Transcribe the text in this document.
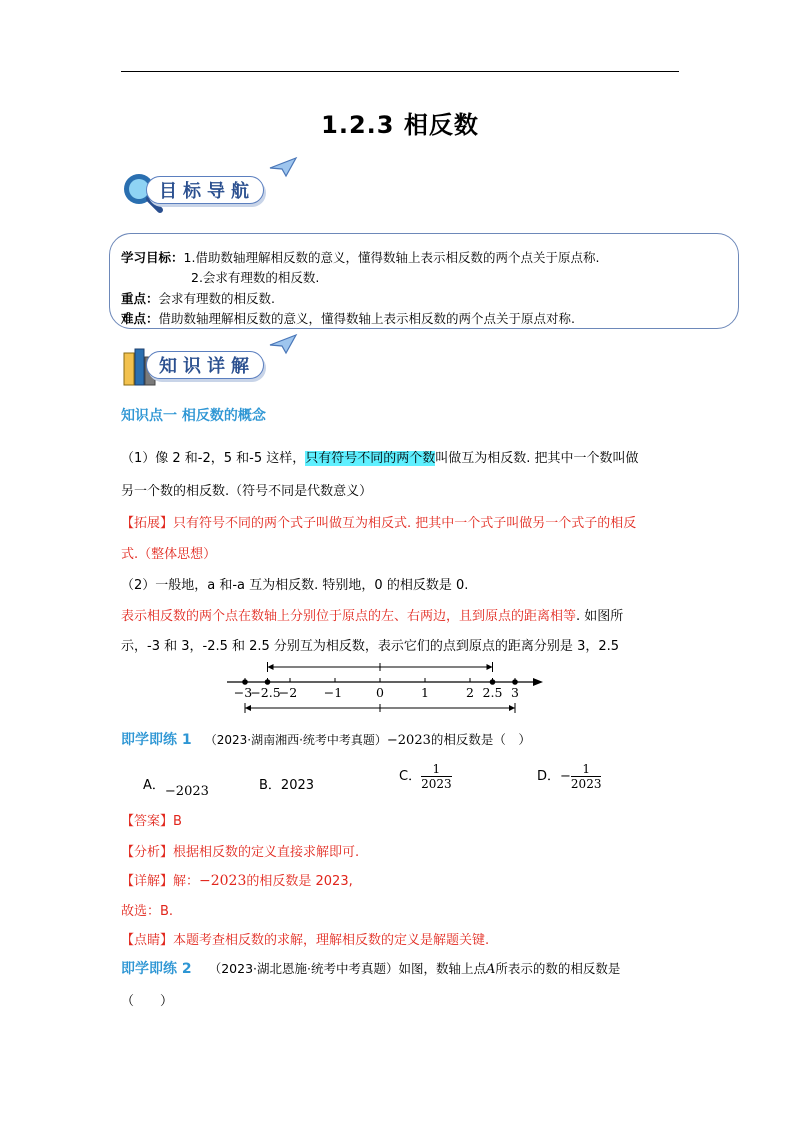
1.2.3 相反数
目标导航
学习目标：1.借助数轴理解相反数的意义，懂得数轴上表示相反数的两个点关于原点称.
2.会求有理数的相反数.
重点：会求有理数的相反数.
难点：借助数轴理解相反数的意义，懂得数轴上表示相反数的两个点关于原点对称.
知识详解
知识点一 相反数的概念
（1）像 2 和-2，5 和-5 这样，只有符号不同的两个数叫做互为相反数. 把其中一个数叫做
另一个数的相反数.（符号不同是代数意义）
【拓展】只有符号不同的两个式子叫做互为相反式. 把其中一个式子叫做另一个式子的相反
式.（整体思想）
（2）一般地，a 和-a 互为相反数. 特别地，0 的相反数是 0.
表示相反数的两个点在数轴上分别位于原点的左、右两边，且到原点的距离相等. 如图所
示，-3 和 3，-2.5 和 2.5 分别互为相反数，表示它们的点到原点的距离分别是 3，2.5
−3
−2.5
−2 −1	0	1	2 2.5 3
即学即练 1 （2023·湖南湘西·统考中考真题）−2023的相反数是（　）
A．−2023	B．2023
C． $\frac{1}{2023}$	D．− $\frac{1}{2023}$
【答案】B
【分析】根据相反数的定义直接求解即可.
【详解】解：−2023的相反数是 2023,
故选：B.
【点睛】本题考查相反数的求解，理解相反数的定义是解题关键.
即学即练 2 （2023·湖北恩施·统考中考真题）如图，数轴上点A所表示的数的相反数是
（　　）
